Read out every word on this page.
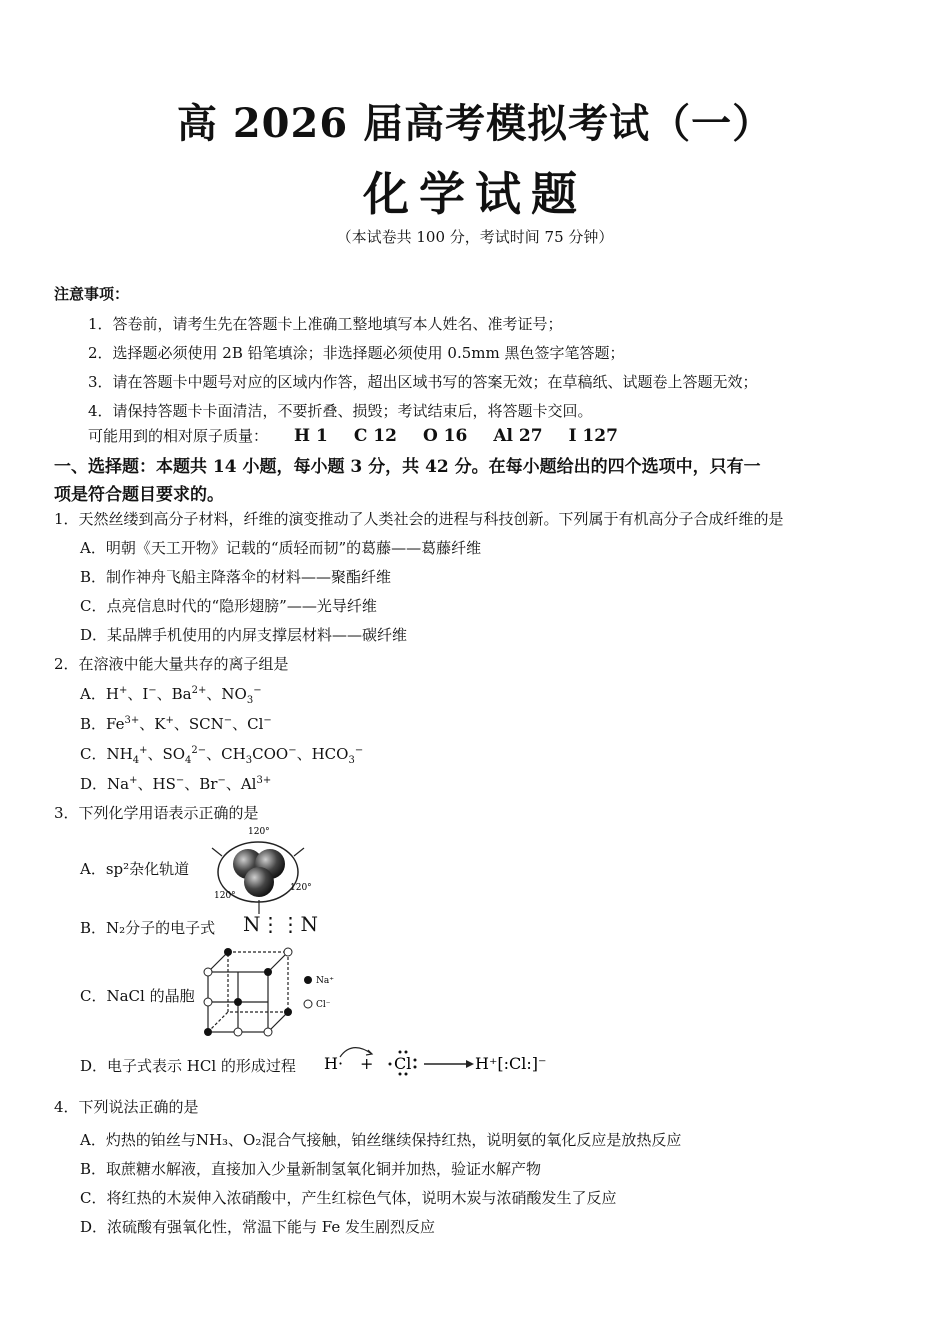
高 2026 届高考模拟考试（一）
化学试题
（本试卷共 100 分，考试时间 75 分钟）
注意事项：
1．答卷前，请考生先在答题卡上准确工整地填写本人姓名、准考证号；
2．选择题必须使用 2B 铅笔填涂；非选择题必须使用 0.5mm 黑色签字笔答题；
3．请在答题卡中题号对应的区域内作答，超出区域书写的答案无效；在草稿纸、试题卷上答题无效；
4．请保持答题卡卡面清洁，不要折叠、损毁；考试结束后，将答题卡交回。
可能用到的相对原子质量： H 1 C 12 O 16 Al 27 I 127
一、选择题：本题共 14 小题，每小题 3 分，共 42 分。在每小题给出的四个选项中，只有一
项是符合题目要求的。
1．天然丝缕到高分子材料，纤维的演变推动了人类社会的进程与科技创新。下列属于有机高分子合成纤维的是
A．明朝《天工开物》记载的“质轻而韧”的葛藤——葛藤纤维
B．制作神舟飞船主降落伞的材料——聚酯纤维
C．点亮信息时代的“隐形翅膀”——光导纤维
D．某品牌手机使用的内屏支撑层材料——碳纤维
2．在溶液中能大量共存的离子组是
A．H+、I−、$Ba^{2+}$、$NO_3^-$
B．$Fe^{3+}$、K+、SCN−、Cl−
C．$NH_4^+$、$SO_4^{2-}$、$CH_3COO^-$、$HCO_3^-$
D．Na+、HS−、Br−、$Al^{3+}$
3．下列化学用语表示正确的是
A．sp²杂化轨道
120°
120°
120°
B．N₂分子的电子式 N⋮⋮N
C．NaCl 的晶胞
Na⁺
Cl⁻
D．电子式表示 HCl 的形成过程 H· + Cl	H⁺[:Cl:]⁻
4．下列说法正确的是
A．灼热的铂丝与NH₃、O₂混合气接触，铂丝继续保持红热，说明氨的氧化反应是放热反应
B．取蔗糖水解液，直接加入少量新制氢氧化铜并加热，验证水解产物
C．将红热的木炭伸入浓硝酸中，产生红棕色气体，说明木炭与浓硝酸发生了反应
D．浓硫酸有强氧化性，常温下能与 Fe 发生剧烈反应
